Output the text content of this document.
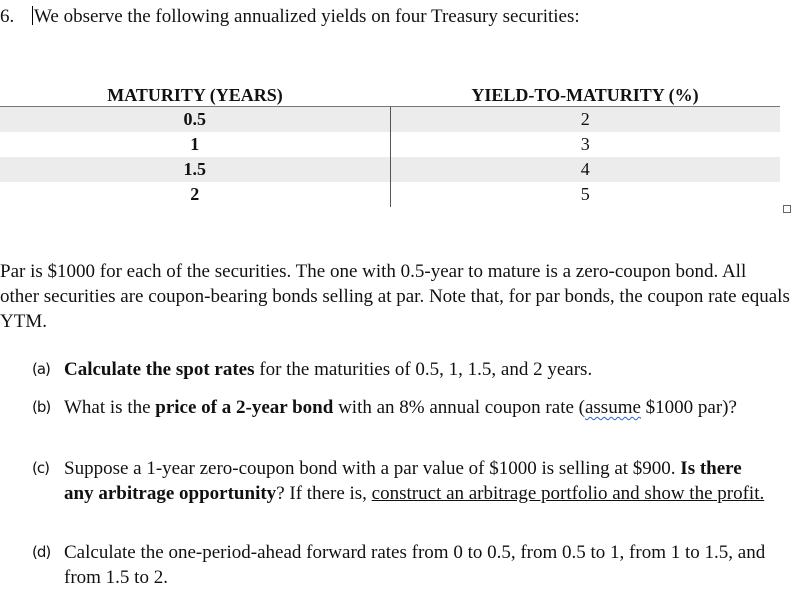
6. We observe the following annualized yields on four Treasury securities:
MATURITY (YEARS)	YIELD-TO-MATURITY (%)
0.5	2
1	3
1.5	4
2	5
Par is $1000 for each of the securities. The one with 0.5-year to mature is a zero-coupon bond. All other securities are coupon-bearing bonds selling at par. Note that, for par bonds, the coupon rate equals YTM.
(a) Calculate the spot rates for the maturities of 0.5, 1, 1.5, and 2 years.
(b) What is the price of a 2-year bond with an 8% annual coupon rate (assume $1000 par)?
(c) Suppose a 1-year zero-coupon bond with a par value of $1000 is selling at $900. Is there any arbitrage opportunity? If there is, construct an arbitrage portfolio and show the profit.
(d) Calculate the one-period-ahead forward rates from 0 to 0.5, from 0.5 to 1, from 1 to 1.5, and from 1.5 to 2.
